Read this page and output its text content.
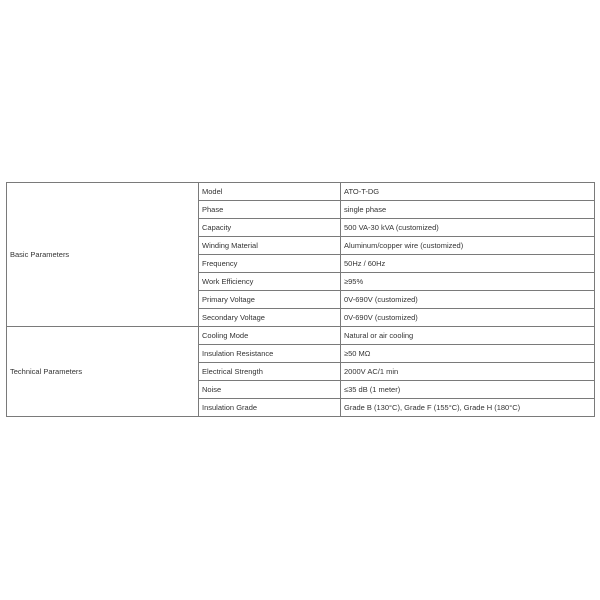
Basic Parameters	Model	ATO-T-DG
	Phase	single phase
	Capacity	500 VA-30 kVA (customized)
	Winding Material	Aluminum/copper wire (customized)
	Frequency	50Hz / 60Hz
	Work Efficiency	≥95%
	Primary Voltage	0V-690V (customized)
	Secondary Voltage	0V-690V (customized)
Technical Parameters	Cooling Mode	Natural or air cooling
	Insulation Resistance	≥50 MΩ
	Electrical Strength	2000V AC/1 min
	Noise	≤35 dB (1 meter)
	Insulation Grade	Grade B (130°C), Grade F (155°C), Grade H (180°C)
